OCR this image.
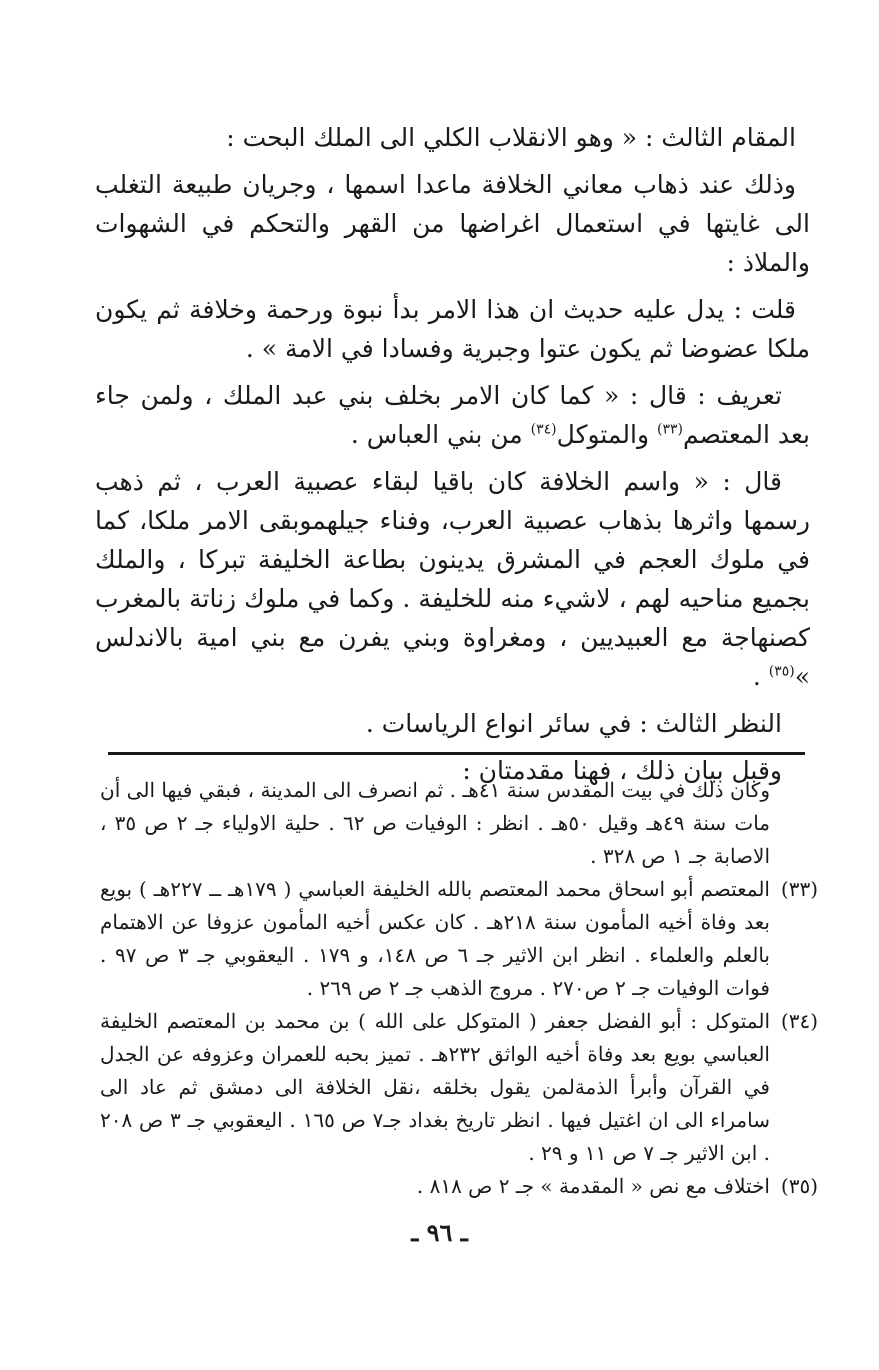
المقام الثالث : « وهو الانقلاب الكلي الى الملك البحت :

وذلك عند ذهاب معاني الخلافة ماعدا اسمها ، وجريان طبيعة التغلب الى غايتها في استعمال اغراضها من القهر والتحكم في الشهوات والملاذ :

قلت : يدل عليه حديث ان هذا الامر بدأ نبوة ورحمة وخلافة ثم يكون ملكا عضوضا ثم يكون عتوا وجبرية وفسادا في الامة » .

تعريف : قال : « كما كان الامر بخلف بني عبد الملك ، ولمن جاء بعد المعتصم$^{(٣٣)}$ والمتوكل$^{(٣٤)}$ من بني العباس .

قال : « واسم الخلافة كان باقيا لبقاء عصبية العرب ، ثم ذهب رسمها واثرها بذهاب عصبية العرب، وفناء جيلهموبقى الامر ملكا، كما في ملوك العجم في المشرق يدينون بطاعة الخليفة تبركا ، والملك بجميع مناحيه لهم ، لاشيء منه للخليفة . وكما في ملوك زناتة بالمغرب كصنهاجة مع العبيديين ، ومغراوة وبني يفرن مع بني امية بالاندلس »$^{(٣٥)}$ .

النظر الثالث : في سائر انواع الرياسات .

وقبل بيان ذلك ، فهنا مقدمتان :

وكان ذلك في بيت المقدس سنة ٤١هـ . ثم انصرف الى المدينة ، فبقي فيها الى أن مات سنة ٤٩هـ وقيل ٥٠هـ . انظر : الوفيات ص ٦٢ . حلية الاولياء جـ ٢ ص ٣٥ ، الاصابة جـ ١ ص ٣٢٨ .
(٣٣)
المعتصم أبو اسحاق محمد المعتصم بالله الخليفة العباسي ( ١٧٩هـ ــ ٢٢٧هـ ) بويع بعد وفاة أخيه المأمون سنة ٢١٨هـ . كان عكس أخيه المأمون عزوفا عن الاهتمام بالعلم والعلماء . انظر ابن الاثير جـ ٦ ص ١٤٨، و ١٧٩ . اليعقوبي جـ ٣ ص ٩٧ . فوات الوفيات جـ ٢ ص٢٧٠ . مروج الذهب جـ ٢ ص ٢٦٩ .
(٣٤)
المتوكل : أبو الفضل جعفر ( المتوكل على الله ) بن محمد بن المعتصم الخليفة العباسي بويع بعد وفاة أخيه الواثق ٢٣٢هـ . تميز بحبه للعمران وعزوفه عن الجدل في القرآن وأبرأ الذمةلمن يقول بخلقه ،نقل الخلافة الى دمشق ثم عاد الى سامراء الى ان اغتيل فيها . انظر تاريخ بغداد جـ٧ ص ١٦٥ . اليعقوبي جـ ٣ ص ٢٠٨ . ابن الاثير جـ ٧ ص ١١ و ٢٩ .
(٣٥)
اختلاف مع نص « المقدمة » جـ ٢ ص ٨١٨ .
ـ ٩٦ ـ
